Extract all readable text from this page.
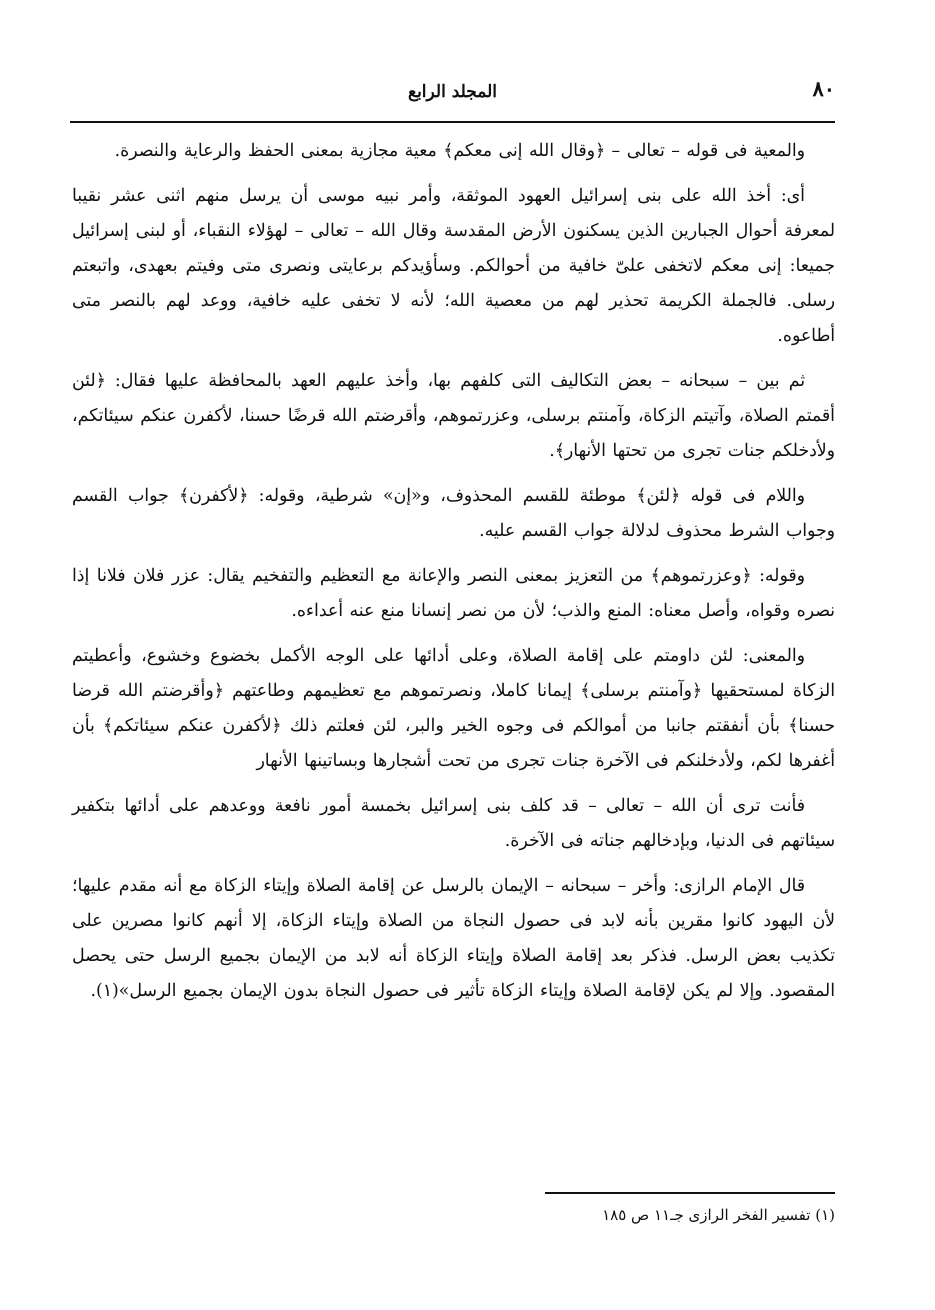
٨٠
المجلد الرابع

والمعية فى قوله – تعالى – ﴿وقال الله إنى معكم﴾ معية مجازية بمعنى الحفظ والرعاية والنصرة.

أى: أخذ الله على بنى إسرائيل العهود الموثقة، وأمر نبيه موسى أن يرسل منهم اثنى عشر نقيبا لمعرفة أحوال الجبارين الذين يسكنون الأرض المقدسة وقال الله – تعالى – لهؤلاء النقباء، أو لبنى إسرائيل جميعا: إنى معكم لاتخفى علىّ خافية من أحوالكم. وسأؤيدكم برعايتى ونصرى متى وفيتم بعهدى، واتبعتم رسلى. فالجملة الكريمة تحذير لهم من معصية الله؛ لأنه لا تخفى عليه خافية، ووعد لهم بالنصر متى أطاعوه.

ثم بين – سبحانه – بعض التكاليف التى كلفهم بها، وأخذ عليهم العهد بالمحافظة عليها فقال: ﴿لئن أقمتم الصلاة، وآتيتم الزكاة، وآمنتم برسلى، وعزرتموهم، وأقرضتم الله قرضًا حسنا، لأكفرن عنكم سيئاتكم، ولأدخلكم جنات تجرى من تحتها الأنهار﴾.

واللام فى قوله ﴿لئن﴾ موطئة للقسم المحذوف، و«إن» شرطية، وقوله: ﴿لأكفرن﴾ جواب القسم وجواب الشرط محذوف لدلالة جواب القسم عليه.

وقوله: ﴿وعزرتموهم﴾ من التعزيز بمعنى النصر والإعانة مع التعظيم والتفخيم يقال: عزر فلان فلانا إذا نصره وقواه، وأصل معناه: المنع والذب؛ لأن من نصر إنسانا منع عنه أعداءه.

والمعنى: لئن داومتم على إقامة الصلاة، وعلى أدائها على الوجه الأكمل بخضوع وخشوع، وأعطيتم الزكاة لمستحقيها ﴿وآمنتم برسلى﴾ إيمانا كاملا، ونصرتموهم مع تعظيمهم وطاعتهم ﴿وأقرضتم الله قرضا حسنا﴾ بأن أنفقتم جانبا من أموالكم فى وجوه الخير والبر، لئن فعلتم ذلك ﴿لأكفرن عنكم سيئاتكم﴾ بأن أغفرها لكم، ولأدخلنكم فى الآخرة جنات تجرى من تحت أشجارها وبساتينها الأنهار

فأنت ترى أن الله – تعالى – قد كلف بنى إسرائيل بخمسة أمور نافعة ووعدهم على أدائها بتكفير سيئاتهم فى الدنيا، وبإدخالهم جناته فى الآخرة.

قال الإمام الرازى: وأخر – سبحانه – الإيمان بالرسل عن إقامة الصلاة وإيتاء الزكاة مع أنه مقدم عليها؛ لأن اليهود كانوا مقرين بأنه لابد فى حصول النجاة من الصلاة وإيتاء الزكاة، إلا أنهم كانوا مصرين على تكذيب بعض الرسل. فذكر بعد إقامة الصلاة وإيتاء الزكاة أنه لابد من الإيمان بجميع الرسل حتى يحصل المقصود. وإلا لم يكن لإقامة الصلاة وإيتاء الزكاة تأثير فى حصول النجاة بدون الإيمان بجميع الرسل»(١).

(١) تفسير الفخر الرازى جـ١١ ص ١٨٥
